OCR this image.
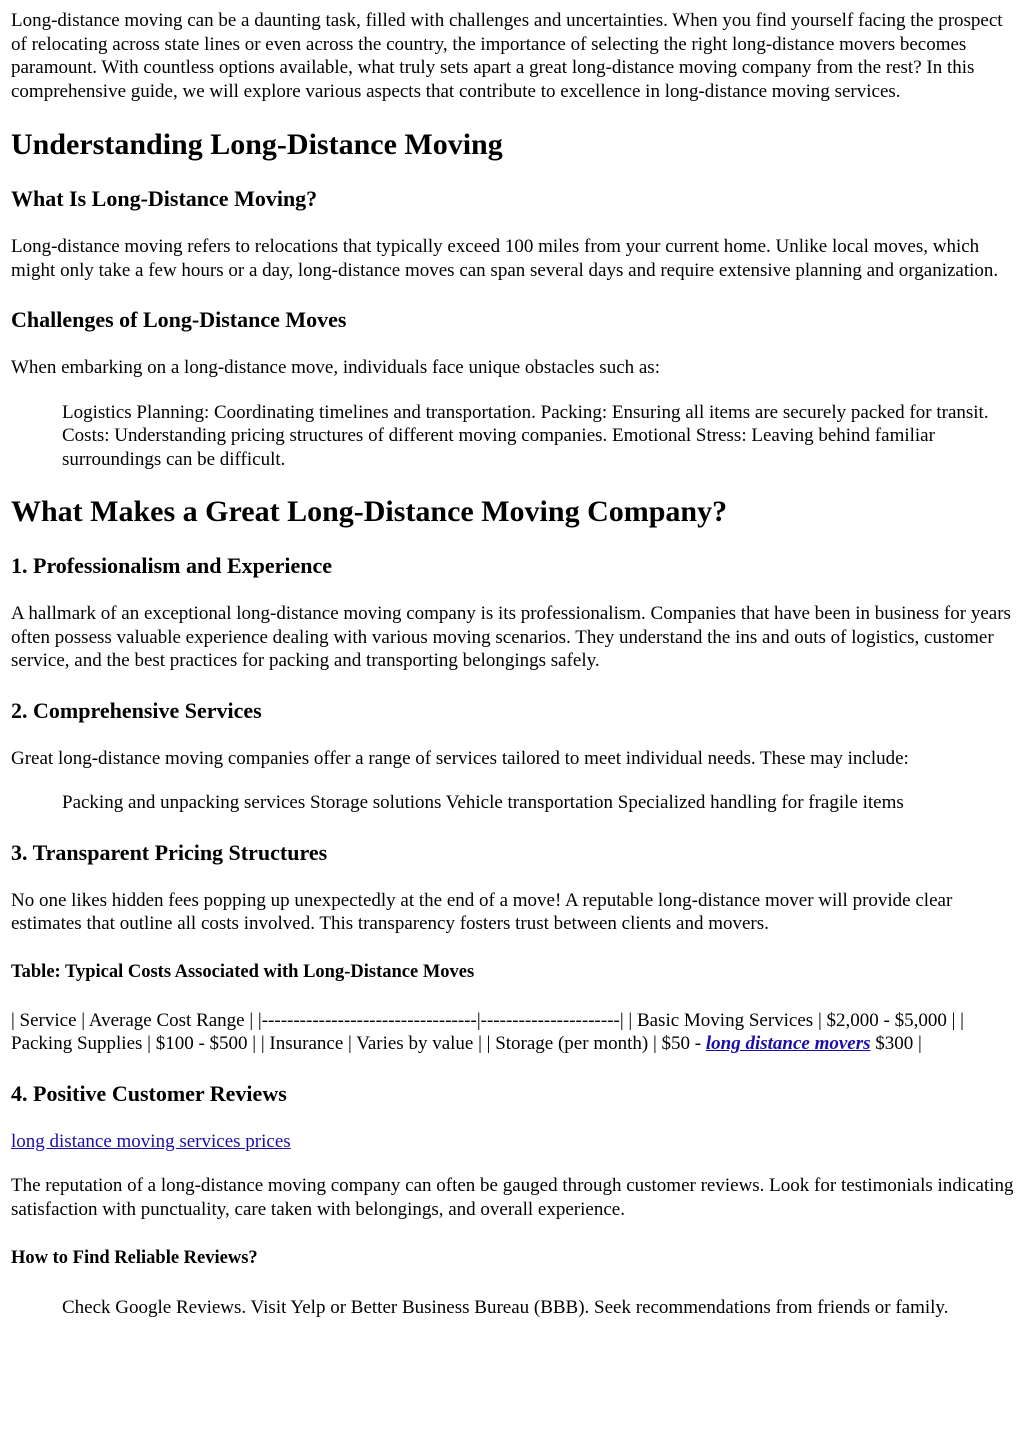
Long-distance moving can be a daunting task, filled with challenges and uncertainties. When you find yourself facing the prospect of relocating across state lines or even across the country, the importance of selecting the right long-distance movers becomes paramount. With countless options available, what truly sets apart a great long-distance moving company from the rest? In this comprehensive guide, we will explore various aspects that contribute to excellence in long-distance moving services.

Understanding Long-Distance Moving
What Is Long-Distance Moving?

Long-distance moving refers to relocations that typically exceed 100 miles from your current home. Unlike local moves, which might only take a few hours or a day, long-distance moves can span several days and require extensive planning and organization.

Challenges of Long-Distance Moves

When embarking on a long-distance move, individuals face unique obstacles such as:

Logistics Planning: Coordinating timelines and transportation. Packing: Ensuring all items are securely packed for transit. Costs: Understanding pricing structures of different moving companies. Emotional Stress: Leaving behind familiar surroundings can be difficult.

What Makes a Great Long-Distance Moving Company?
1. Professionalism and Experience

A hallmark of an exceptional long-distance moving company is its professionalism. Companies that have been in business for years often possess valuable experience dealing with various moving scenarios. They understand the ins and outs of logistics, customer service, and the best practices for packing and transporting belongings safely.

2. Comprehensive Services

Great long-distance moving companies offer a range of services tailored to meet individual needs. These may include:

Packing and unpacking services Storage solutions Vehicle transportation Specialized handling for fragile items

3. Transparent Pricing Structures

No one likes hidden fees popping up unexpectedly at the end of a move! A reputable long-distance mover will provide clear estimates that outline all costs involved. This transparency fosters trust between clients and movers.

Table: Typical Costs Associated with Long-Distance Moves

| Service | Average Cost Range | |----------------------------------|----------------------| | Basic Moving Services | $2,000 - $5,000 | | Packing Supplies | $100 - $500 | | Insurance | Varies by value | | Storage (per month) | $50 - long distance movers $300 |

4. Positive Customer Reviews

long distance moving services prices

The reputation of a long-distance moving company can often be gauged through customer reviews. Look for testimonials indicating satisfaction with punctuality, care taken with belongings, and overall experience.

How to Find Reliable Reviews?

Check Google Reviews. Visit Yelp or Better Business Bureau (BBB). Seek recommendations from friends or family.
